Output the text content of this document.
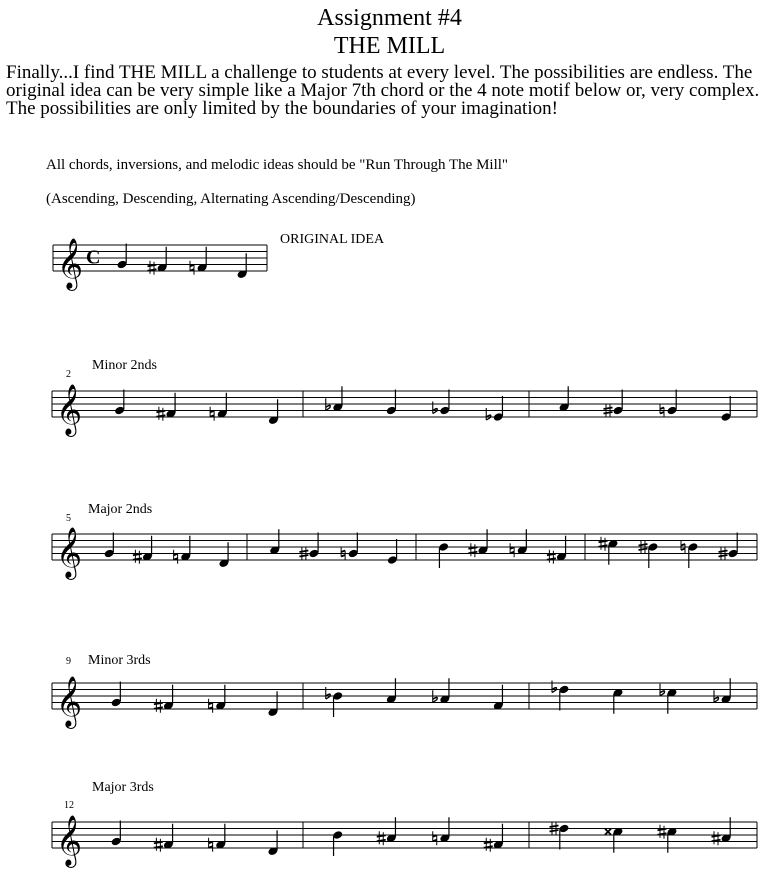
Assignment #4
THE MILL
Finally...I find THE MILL a challenge to students at every level. The possibilities are endless. The original idea can be very simple like a Major 7th chord or the 4 note motif below or, very complex. The possibilities are only limited by the boundaries of your imagination!
All chords, inversions, and melodic ideas should be "Run Through The Mill"
(Ascending, Descending, Alternating Ascending/Descending)
𝄞 C
ORIGINAL IDEA
𝄞
Minor 2nds
2
𝄞
Major 2nds
5
𝄞
Minor 3rds
9
𝄞
Major 3rds
12
